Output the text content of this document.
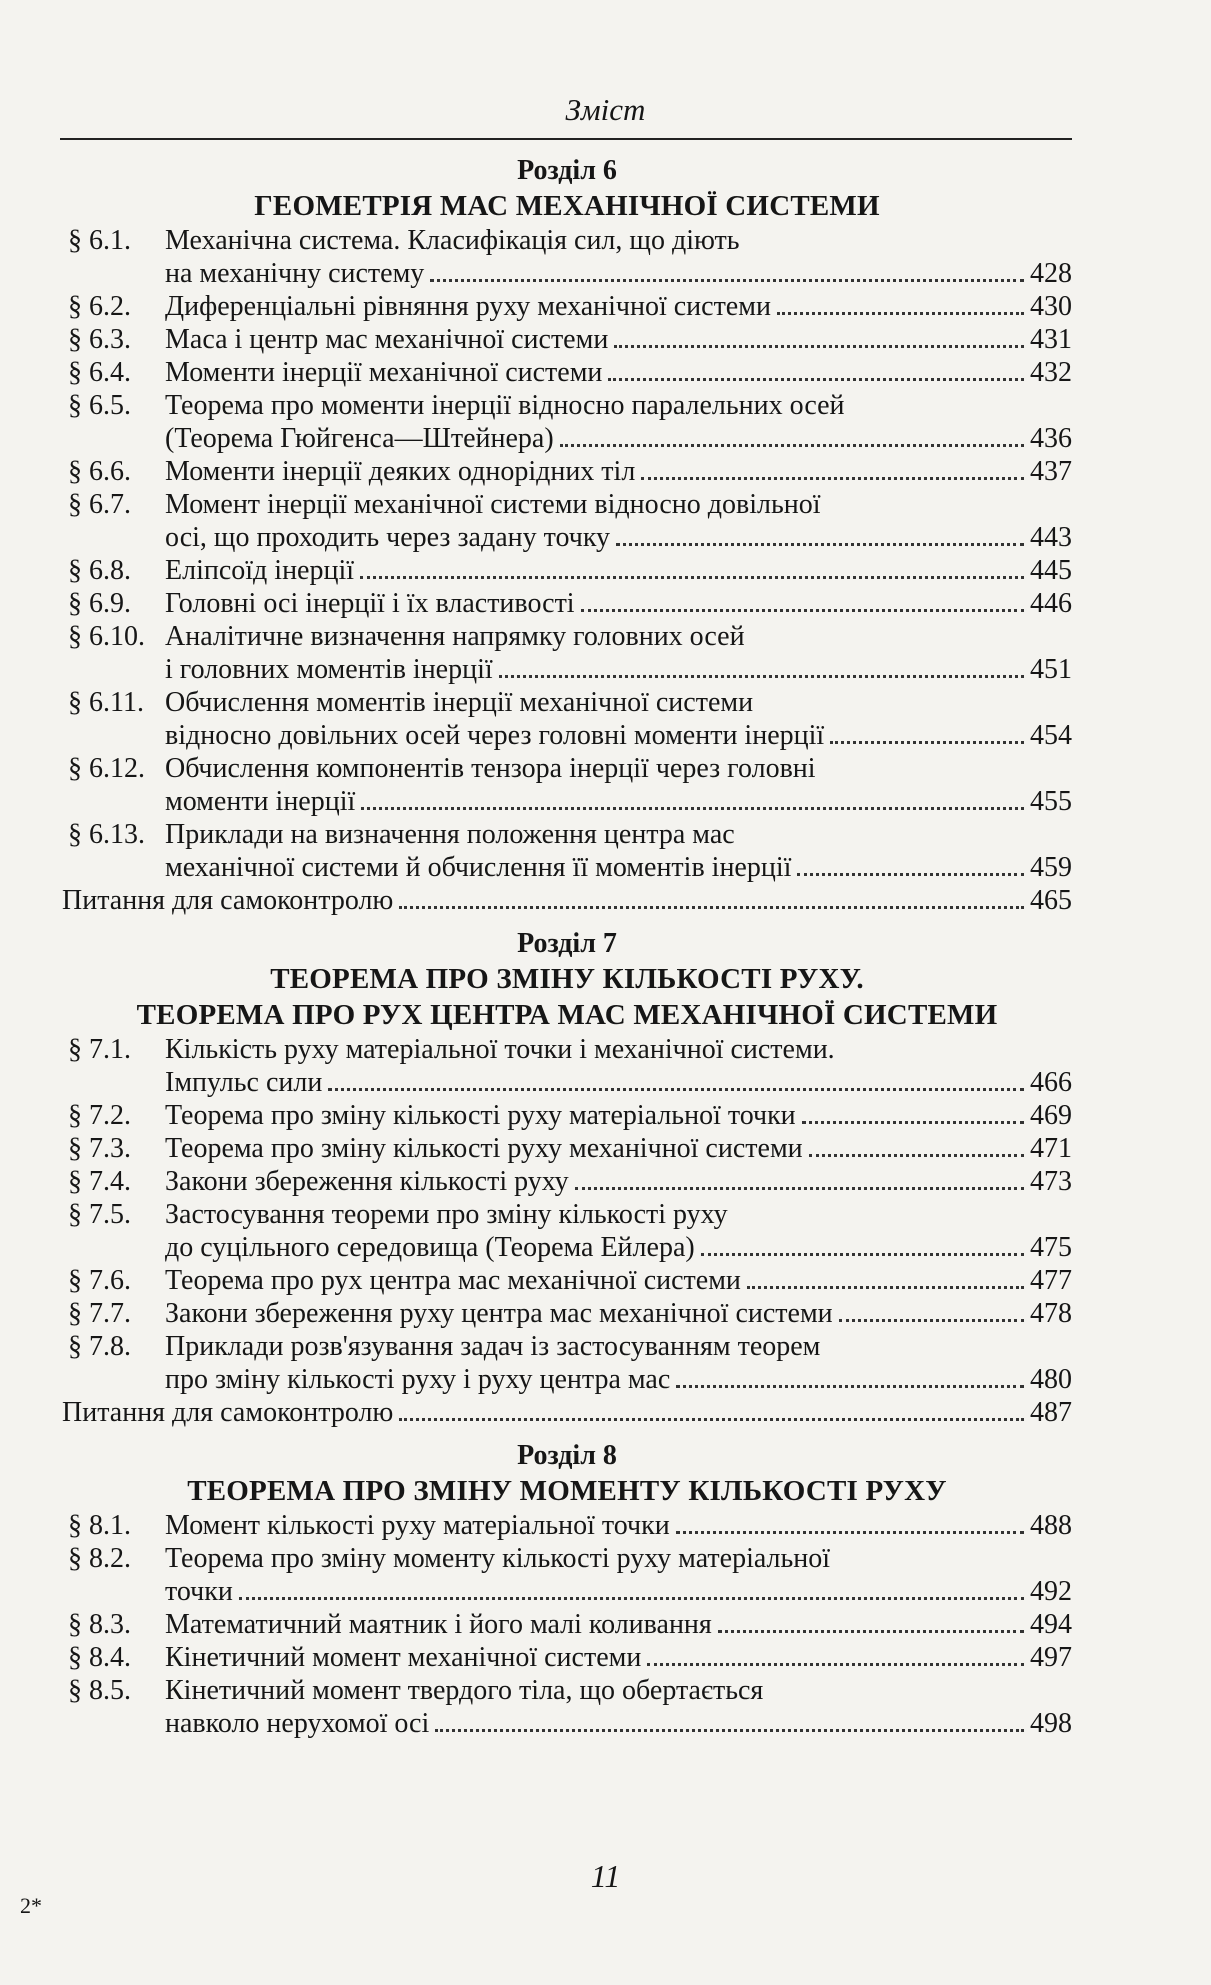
Зміст
Розділ 6
ГЕОМЕТРІЯ МАС МЕХАНІЧНОЇ СИСТЕМИ
§ 6.1.	Механічна система. Класифікація сил, що діють
на механічну систему	428
§ 6.2.	Диференціальні рівняння руху механічної системи	430
§ 6.3.	Маса і центр мас механічної системи	431
§ 6.4.	Моменти інерції механічної системи	432
§ 6.5.	Теорема про моменти інерції відносно паралельних осей
(Теорема Гюйгенса—Штейнера)	436
§ 6.6.	Моменти інерції деяких однорідних тіл	437
§ 6.7.	Момент інерції механічної системи відносно довільної
осі, що проходить через задану точку	443
§ 6.8.	Еліпсоїд інерції	445
§ 6.9.	Головні осі інерції і їх властивості	446
§ 6.10. Аналітичне визначення напрямку головних осей
і головних моментів інерції	451
§ 6.11. Обчислення моментів інерції механічної системи
відносно довільних осей через головні моменти інерції	454
§ 6.12. Обчислення компонентів тензора інерції через головні
моменти інерції	455
§ 6.13. Приклади на визначення положення центра мас
механічної системи й обчислення її моментів інерції	459
Питання для самоконтролю	465
Розділ 7
ТЕОРЕМА ПРО ЗМІНУ КІЛЬКОСТІ РУХУ.
ТЕОРЕМА ПРО РУХ ЦЕНТРА МАС МЕХАНІЧНОЇ СИСТЕМИ
§ 7.1.	Кількість руху матеріальної точки і механічної системи.
Імпульс сили	466
§ 7.2.	Теорема про зміну кількості руху матеріальної точки	469
§ 7.3.	Теорема про зміну кількості руху механічної системи	471
§ 7.4.	Закони збереження кількості руху	473
§ 7.5.	Застосування теореми про зміну кількості руху
до суцільного середовища (Теорема Ейлера)	475
§ 7.6.	Теорема про рух центра мас механічної системи	477
§ 7.7.	Закони збереження руху центра мас механічної системи	478
§ 7.8.	Приклади розв'язування задач із застосуванням теорем
про зміну кількості руху і руху центра мас	480
Питання для самоконтролю	487
Розділ 8
ТЕОРЕМА ПРО ЗМІНУ МОМЕНТУ КІЛЬКОСТІ РУХУ
§ 8.1.	Момент кількості руху матеріальної точки	488
§ 8.2.	Теорема про зміну моменту кількості руху матеріальної
точки	492
§ 8.3.	Математичний маятник і його малі коливання	494
§ 8.4.	Кінетичний момент механічної системи	497
§ 8.5.	Кінетичний момент твердого тіла, що обертається
навколо нерухомої осі	498
11
2*
